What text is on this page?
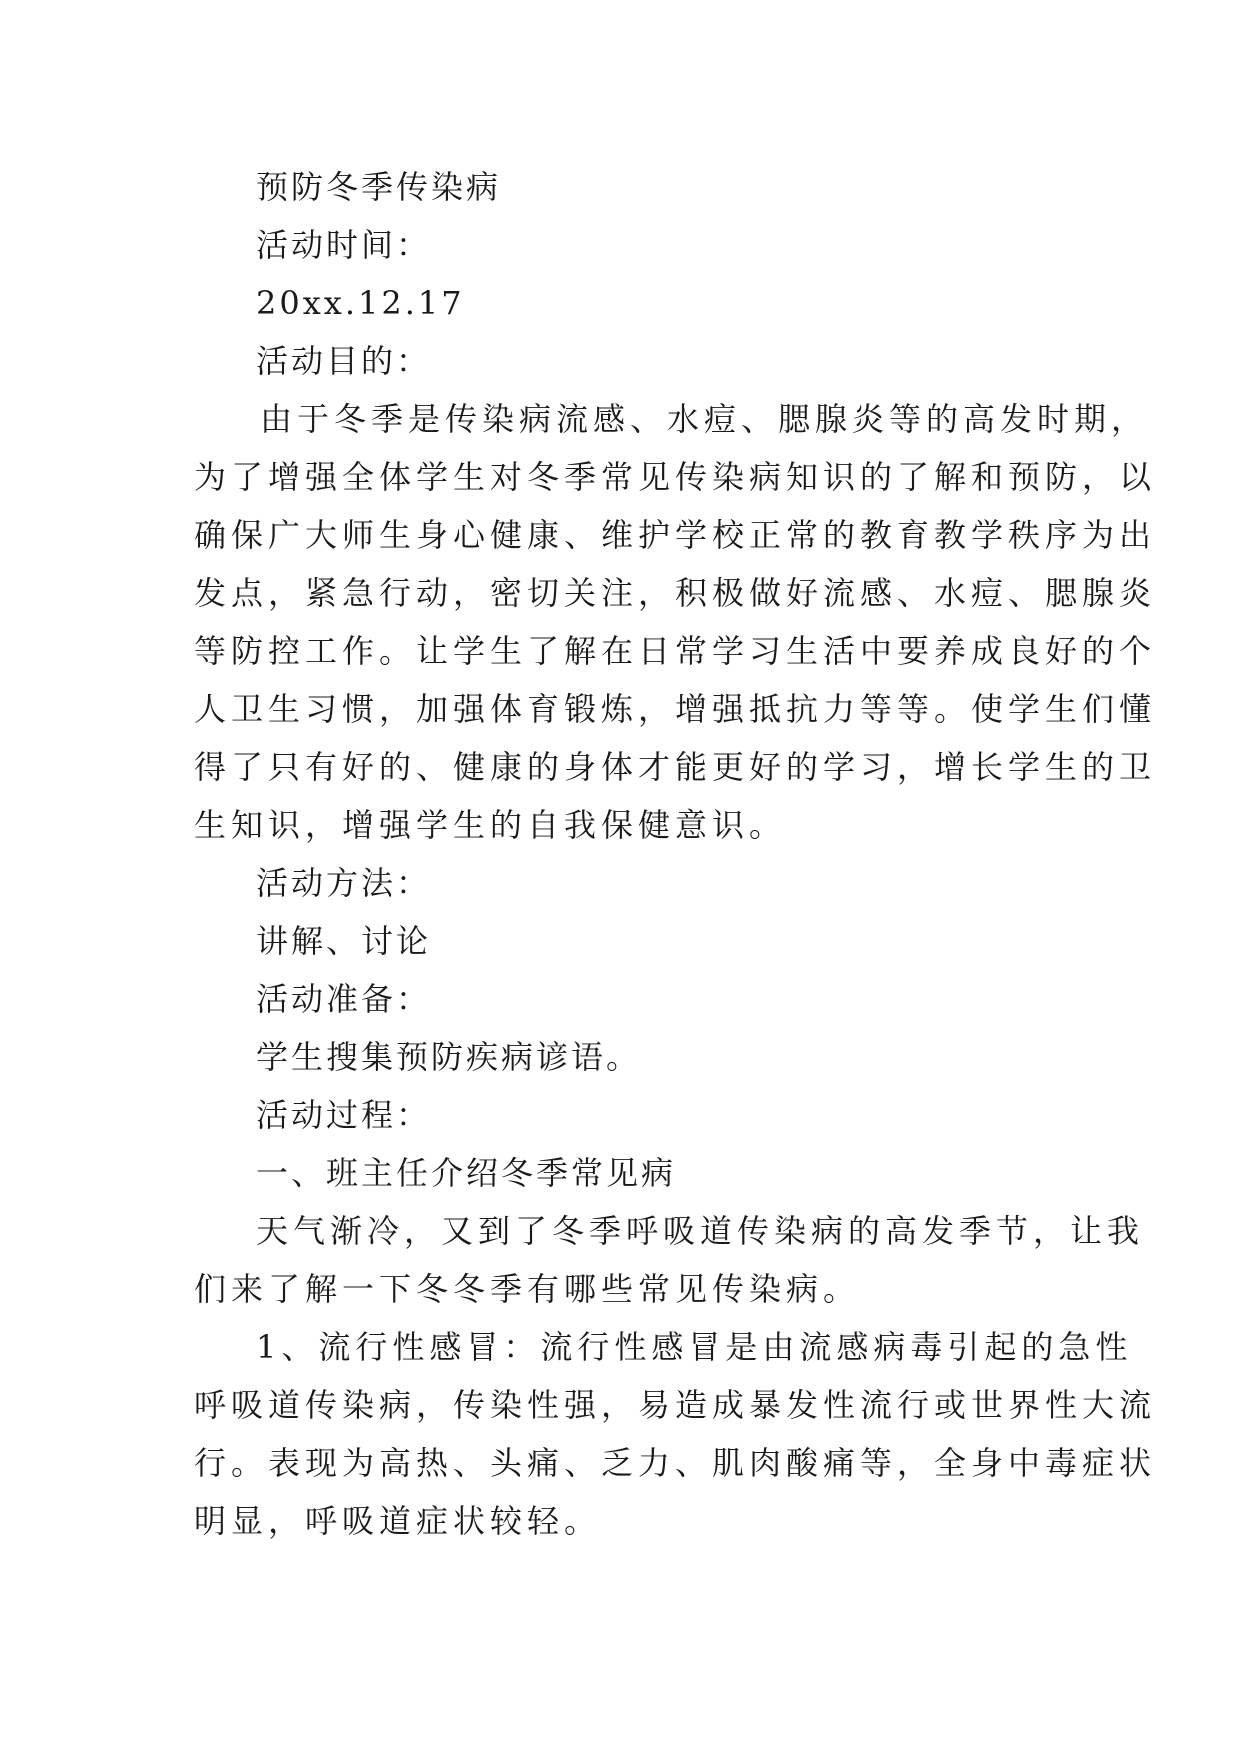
预防冬季传染病
活动时间：
20xx.12.17
活动目的：
由于冬季是传染病流感、水痘、腮腺炎等的高发时期，
为了增强全体学生对冬季常见传染病知识的了解和预防，以
确保广大师生身心健康、维护学校正常的教育教学秩序为出
发点，紧急行动，密切关注，积极做好流感、水痘、腮腺炎
等防控工作。让学生了解在日常学习生活中要养成良好的个
人卫生习惯，加强体育锻炼，增强抵抗力等等。使学生们懂
得了只有好的、健康的身体才能更好的学习，增长学生的卫
生知识，增强学生的自我保健意识。
活动方法：
讲解、讨论
活动准备：
学生搜集预防疾病谚语。
活动过程：
一、班主任介绍冬季常见病
天气渐冷，又到了冬季呼吸道传染病的高发季节，让我
们来了解一下冬冬季有哪些常见传染病。
1、流行性感冒：流行性感冒是由流感病毒引起的急性
呼吸道传染病，传染性强，易造成暴发性流行或世界性大流
行。表现为高热、头痛、乏力、肌肉酸痛等，全身中毒症状
明显，呼吸道症状较轻。
